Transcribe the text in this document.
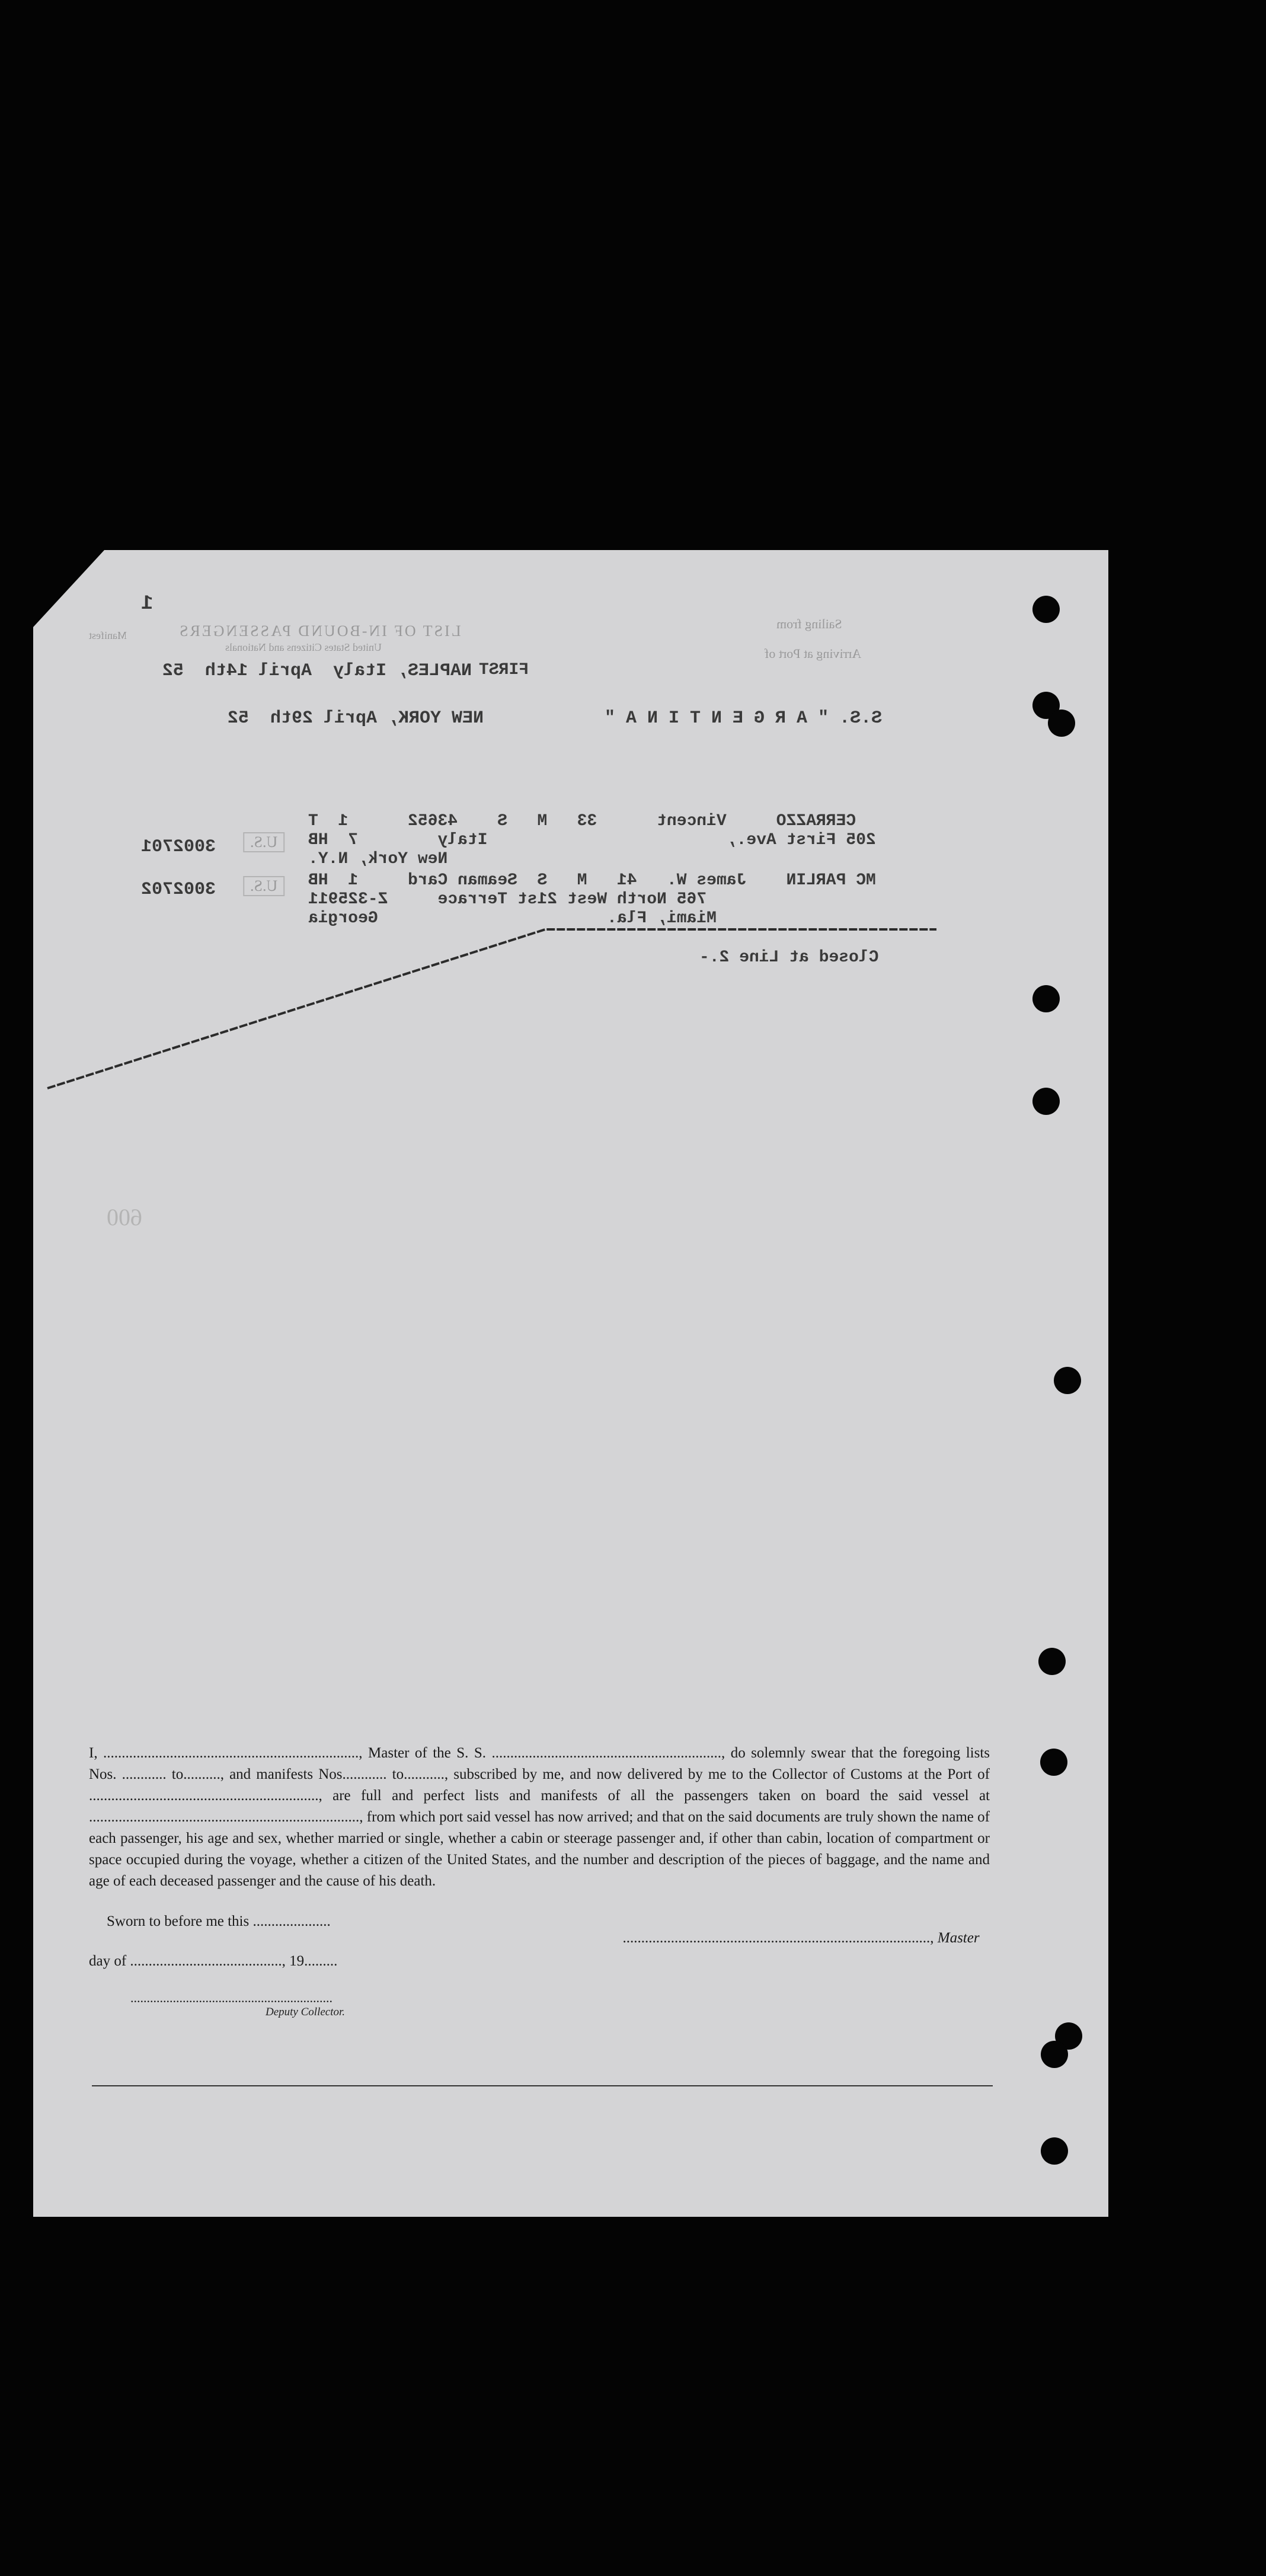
1
LIST OF IN-BOUND PASSENGERS
United States Citizens and Nationals
Manifest
Sailing from
Arriving at Port of
FIRST
NAPLES, Italy  April 14th  52
S.S. " A R G E N T I N A "
NEW YORK, April 29th  52
CERRAZZO     Vincent      33   M   S    43652      1  T
205 First Ave.,                        Italy        7  HB
New York, N.Y.
3002701	U.S.
MC PARLIN    James W.   41   M   S  Seaman Card     1  HB
765 North West 21st Terrace     Z-325911
Miami, Fla.                       Georgia
3002702	U.S.
Closed at Line 2.-
600

I, ....................................................................., Master of the S. S. .............................................................., do solemnly swear that the foregoing lists Nos. ............ to.........., and manifests Nos............ to..........., subscribed by me, and now delivered by me to the Collector of Customs at the Port of .............................................................., are full and perfect lists and manifests of all the passengers taken on board the said vessel at ........................................................................., from which port said vessel has now arrived; and that on the said documents are truly shown the name of each passenger, his age and sex, whether married or single, whether a cabin or steerage passenger and, if other than cabin, location of compartment or space occupied during the voyage, whether a citizen of the United States, and the number and description of the pieces of baggage, and the name and age of each deceased passenger and the cause of his death.

Sworn to before me this .....................

..................................................................................., Master

day of ........................................., 19.........
..............................................................
Deputy Collector.
